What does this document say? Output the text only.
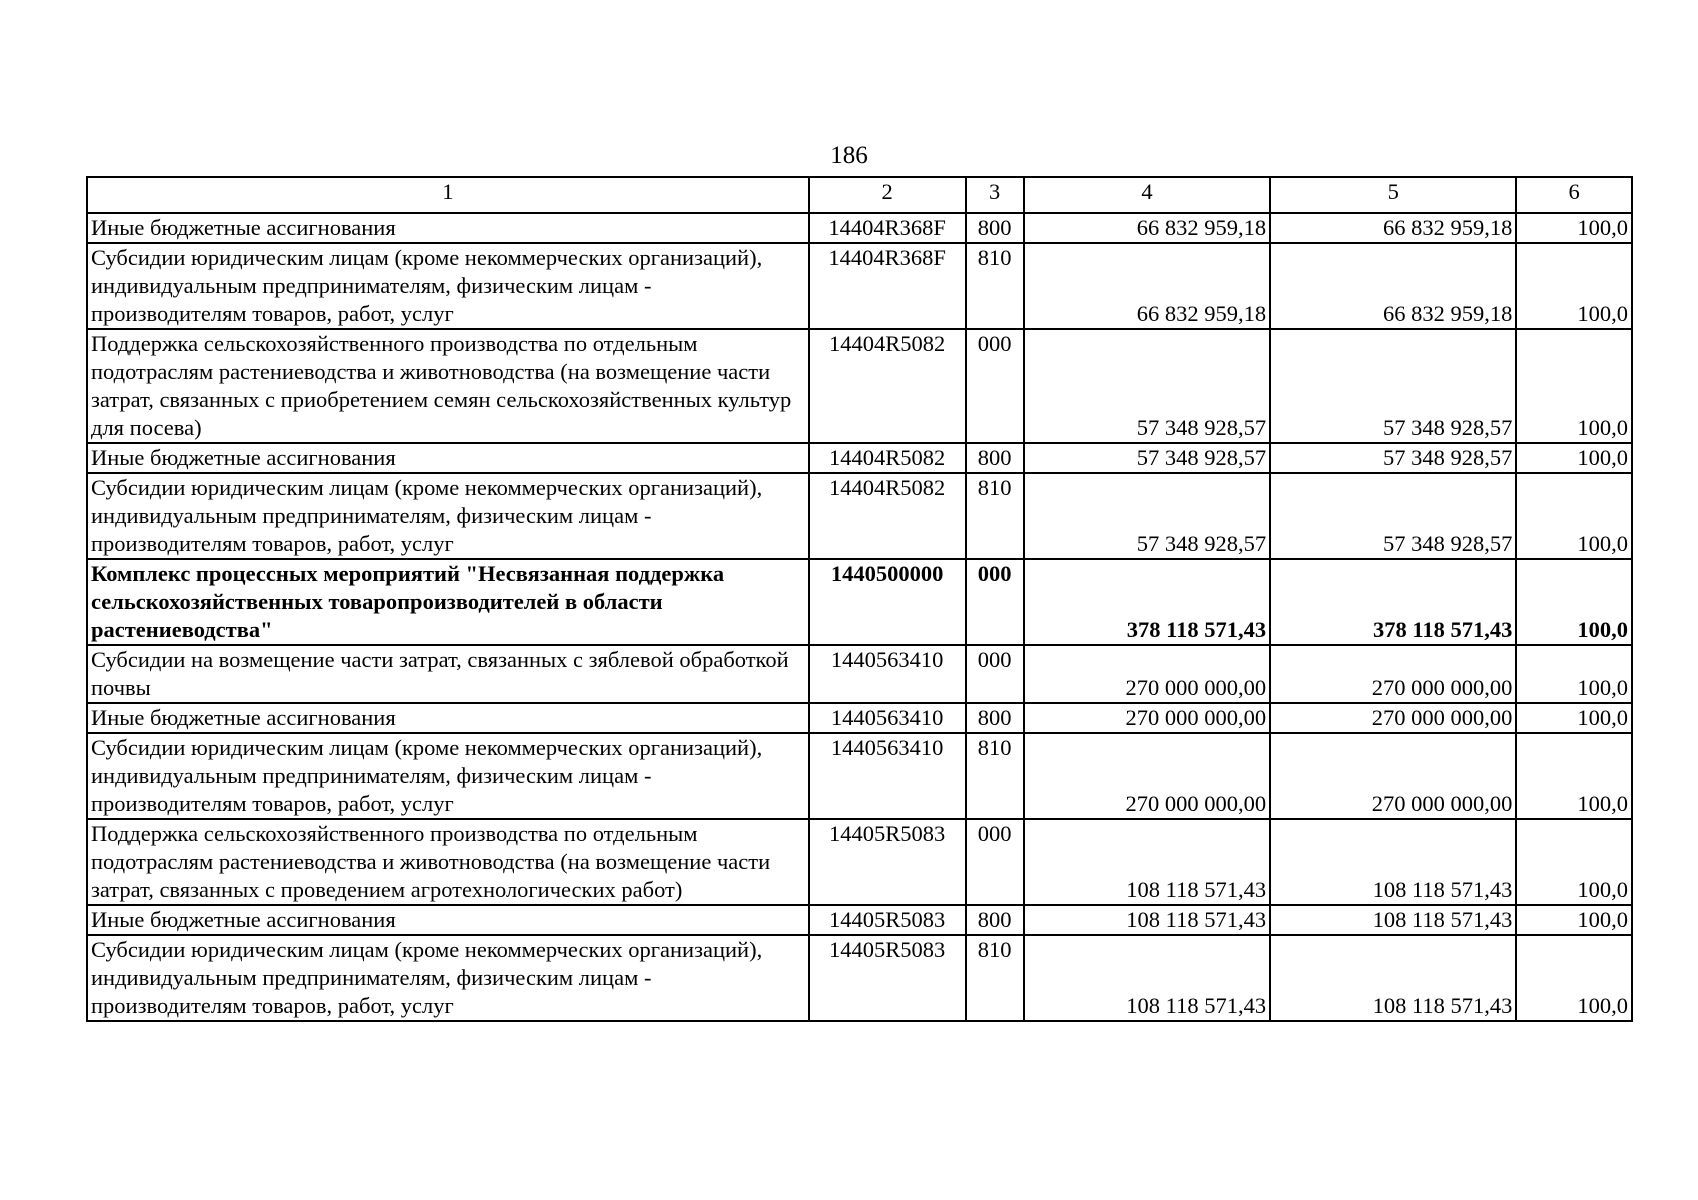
186
1	2	3	4	5	6
Иные бюджетные ассигнования	14404R368F	800	66 832 959,18	66 832 959,18	100,0
Субсидии юридическим лицам (кроме некоммерческих организаций), индивидуальным предпринимателям, физическим лицам - производителям товаров, работ, услуг	14404R368F	810	66 832 959,18	66 832 959,18	100,0
Поддержка сельскохозяйственного производства по отдельным подотраслям растениеводства и животноводства (на возмещение части затрат, связанных с приобретением семян сельскохозяйственных культур для посева)	14404R5082	000	57 348 928,57	57 348 928,57	100,0
Иные бюджетные ассигнования	14404R5082	800	57 348 928,57	57 348 928,57	100,0
Субсидии юридическим лицам (кроме некоммерческих организаций), индивидуальным предпринимателям, физическим лицам - производителям товаров, работ, услуг	14404R5082	810	57 348 928,57	57 348 928,57	100,0
Комплекс процессных мероприятий "Несвязанная поддержка сельскохозяйственных товаропроизводителей в области растениеводства"	1440500000	000	378 118 571,43	378 118 571,43	100,0
Субсидии на возмещение части затрат, связанных с зяблевой обработкой почвы	1440563410	000	270 000 000,00	270 000 000,00	100,0
Иные бюджетные ассигнования	1440563410	800	270 000 000,00	270 000 000,00	100,0
Субсидии юридическим лицам (кроме некоммерческих организаций), индивидуальным предпринимателям, физическим лицам - производителям товаров, работ, услуг	1440563410	810	270 000 000,00	270 000 000,00	100,0
Поддержка сельскохозяйственного производства по отдельным подотраслям растениеводства и животноводства (на возмещение части затрат, связанных с проведением агротехнологических работ)	14405R5083	000	108 118 571,43	108 118 571,43	100,0
Иные бюджетные ассигнования	14405R5083	800	108 118 571,43	108 118 571,43	100,0
Субсидии юридическим лицам (кроме некоммерческих организаций), индивидуальным предпринимателям, физическим лицам - производителям товаров, работ, услуг	14405R5083	810	108 118 571,43	108 118 571,43	100,0
